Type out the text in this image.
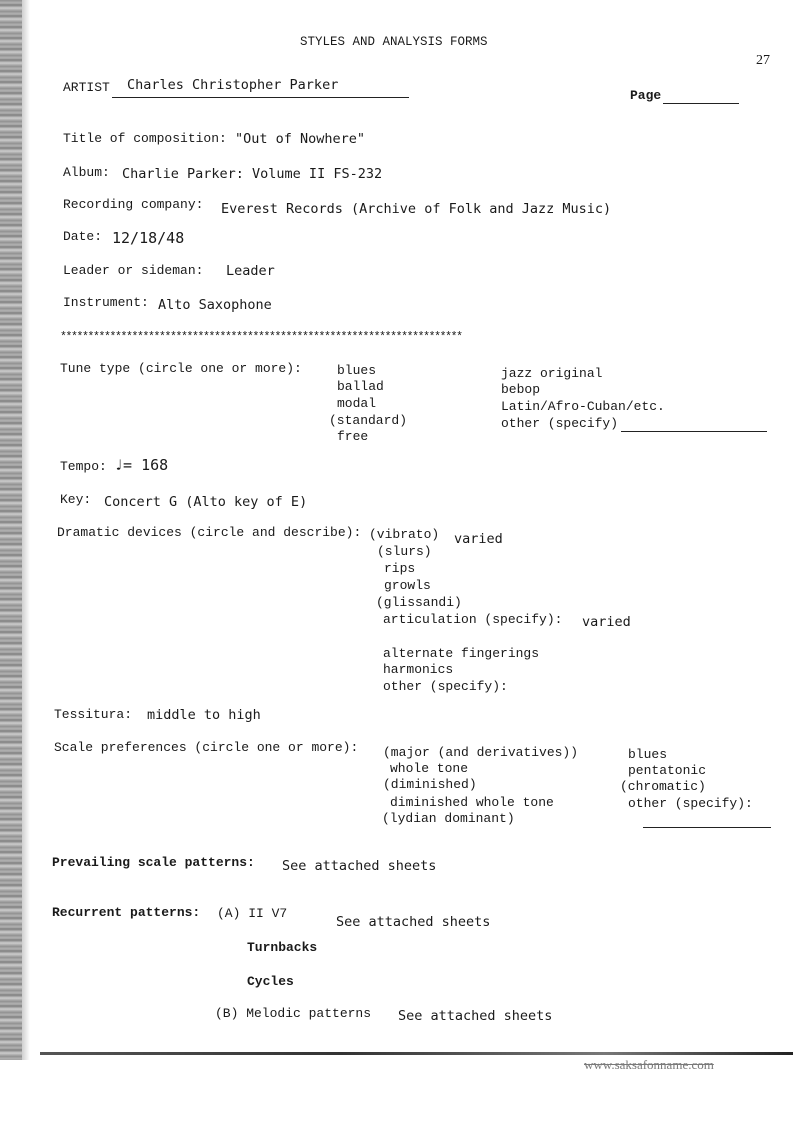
STYLES AND ANALYSIS FORMS
27
ARTIST Charles Christopher Parker
Page
Title of composition: "Out of Nowhere"
Album: Charlie Parker: Volume II FS-232
Recording company: Everest Records (Archive of Folk and Jazz Music)
Date: 12/18/48
Leader or sideman: Leader
Instrument: Alto Saxophone
*************************************************************************
Tune type (circle one or more):	blues
ballad
modal
(standard)
free
jazz original
bebop
Latin/Afro-Cuban/etc.
other (specify)
Tempo: ♩= 168
Key: Concert G (Alto key of E)
Dramatic devices (circle and describe): (vibrato) varied
(slurs)
rips
growls
(glissandi)
articulation (specify): varied
alternate fingerings
harmonics
other (specify):
Tessitura: middle to high
Scale preferences (circle one or more): (major (and derivatives))
whole tone
(diminished)
diminished whole tone
(lydian dominant)
blues
pentatonic
(chromatic)
other (specify):
Prevailing scale patterns: See attached sheets
Recurrent patterns: (A) II V7
See attached sheets
Turnbacks
Cycles
(B) Melodic patterns See attached sheets
www.saksafonname.com
